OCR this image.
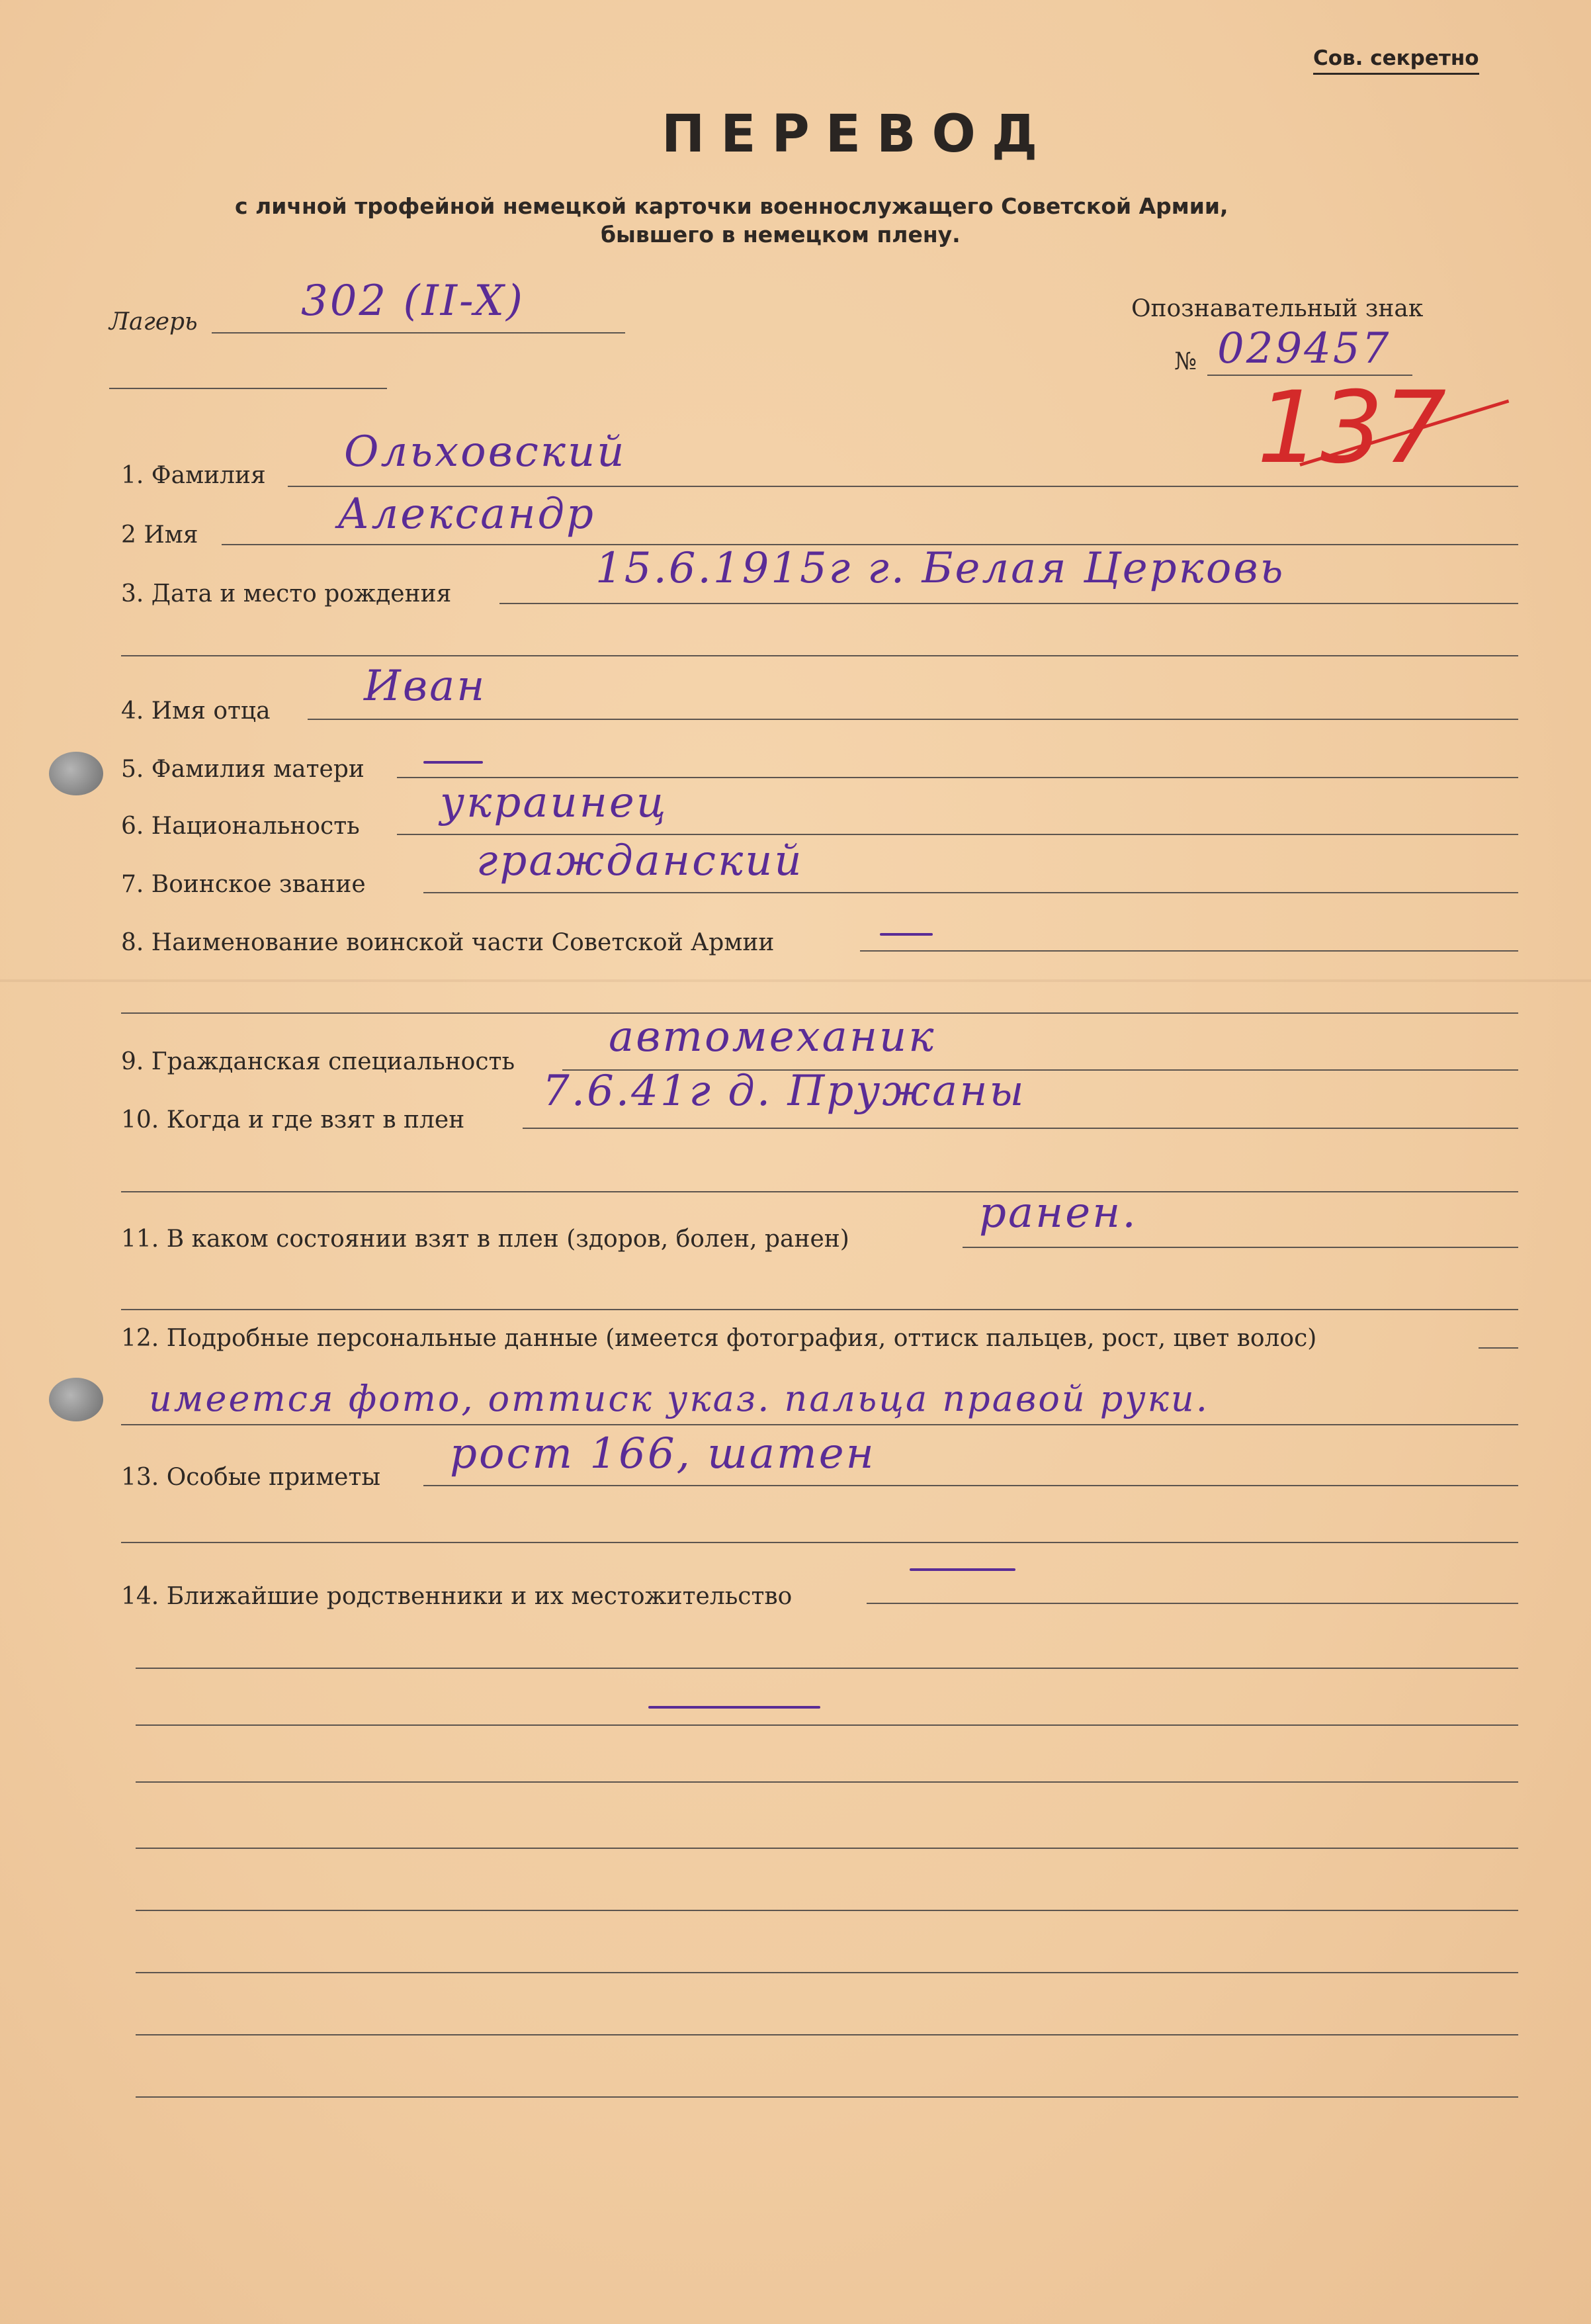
Сов. секретно
ПЕРЕВОД
с личной трофейной немецкой карточки военнослужащего Советской Армии,
бывшего в немецком плену.
Лагерь 302 (II-X)	Опознавательный знак
№ 029457
137
1. Фамилия Ольховский
2 Имя	Александр
3. Дата и место рождения
15.6.1915г г. Белая Церковь
4. Имя отца
Иван
5. Фамилия матери
6. Национальность украинец
7. Воинское звание	гражданский
8. Наименование воинской части Советской Армии
9. Гражданская специальность
автомеханик
10. Когда и где взят в плен
7.6.41г д. Пружаны
11. В каком состоянии взят в плен (здоров, болен, ранен)
ранен.
12. Подробные персональные данные (имеется фотография, оттиск пальцев, рост, цвет волос)
имеется фото, оттиск указ. пальца правой руки.
13. Особые приметы рост 166, шатен
14. Ближайшие родственники и их местожительство
